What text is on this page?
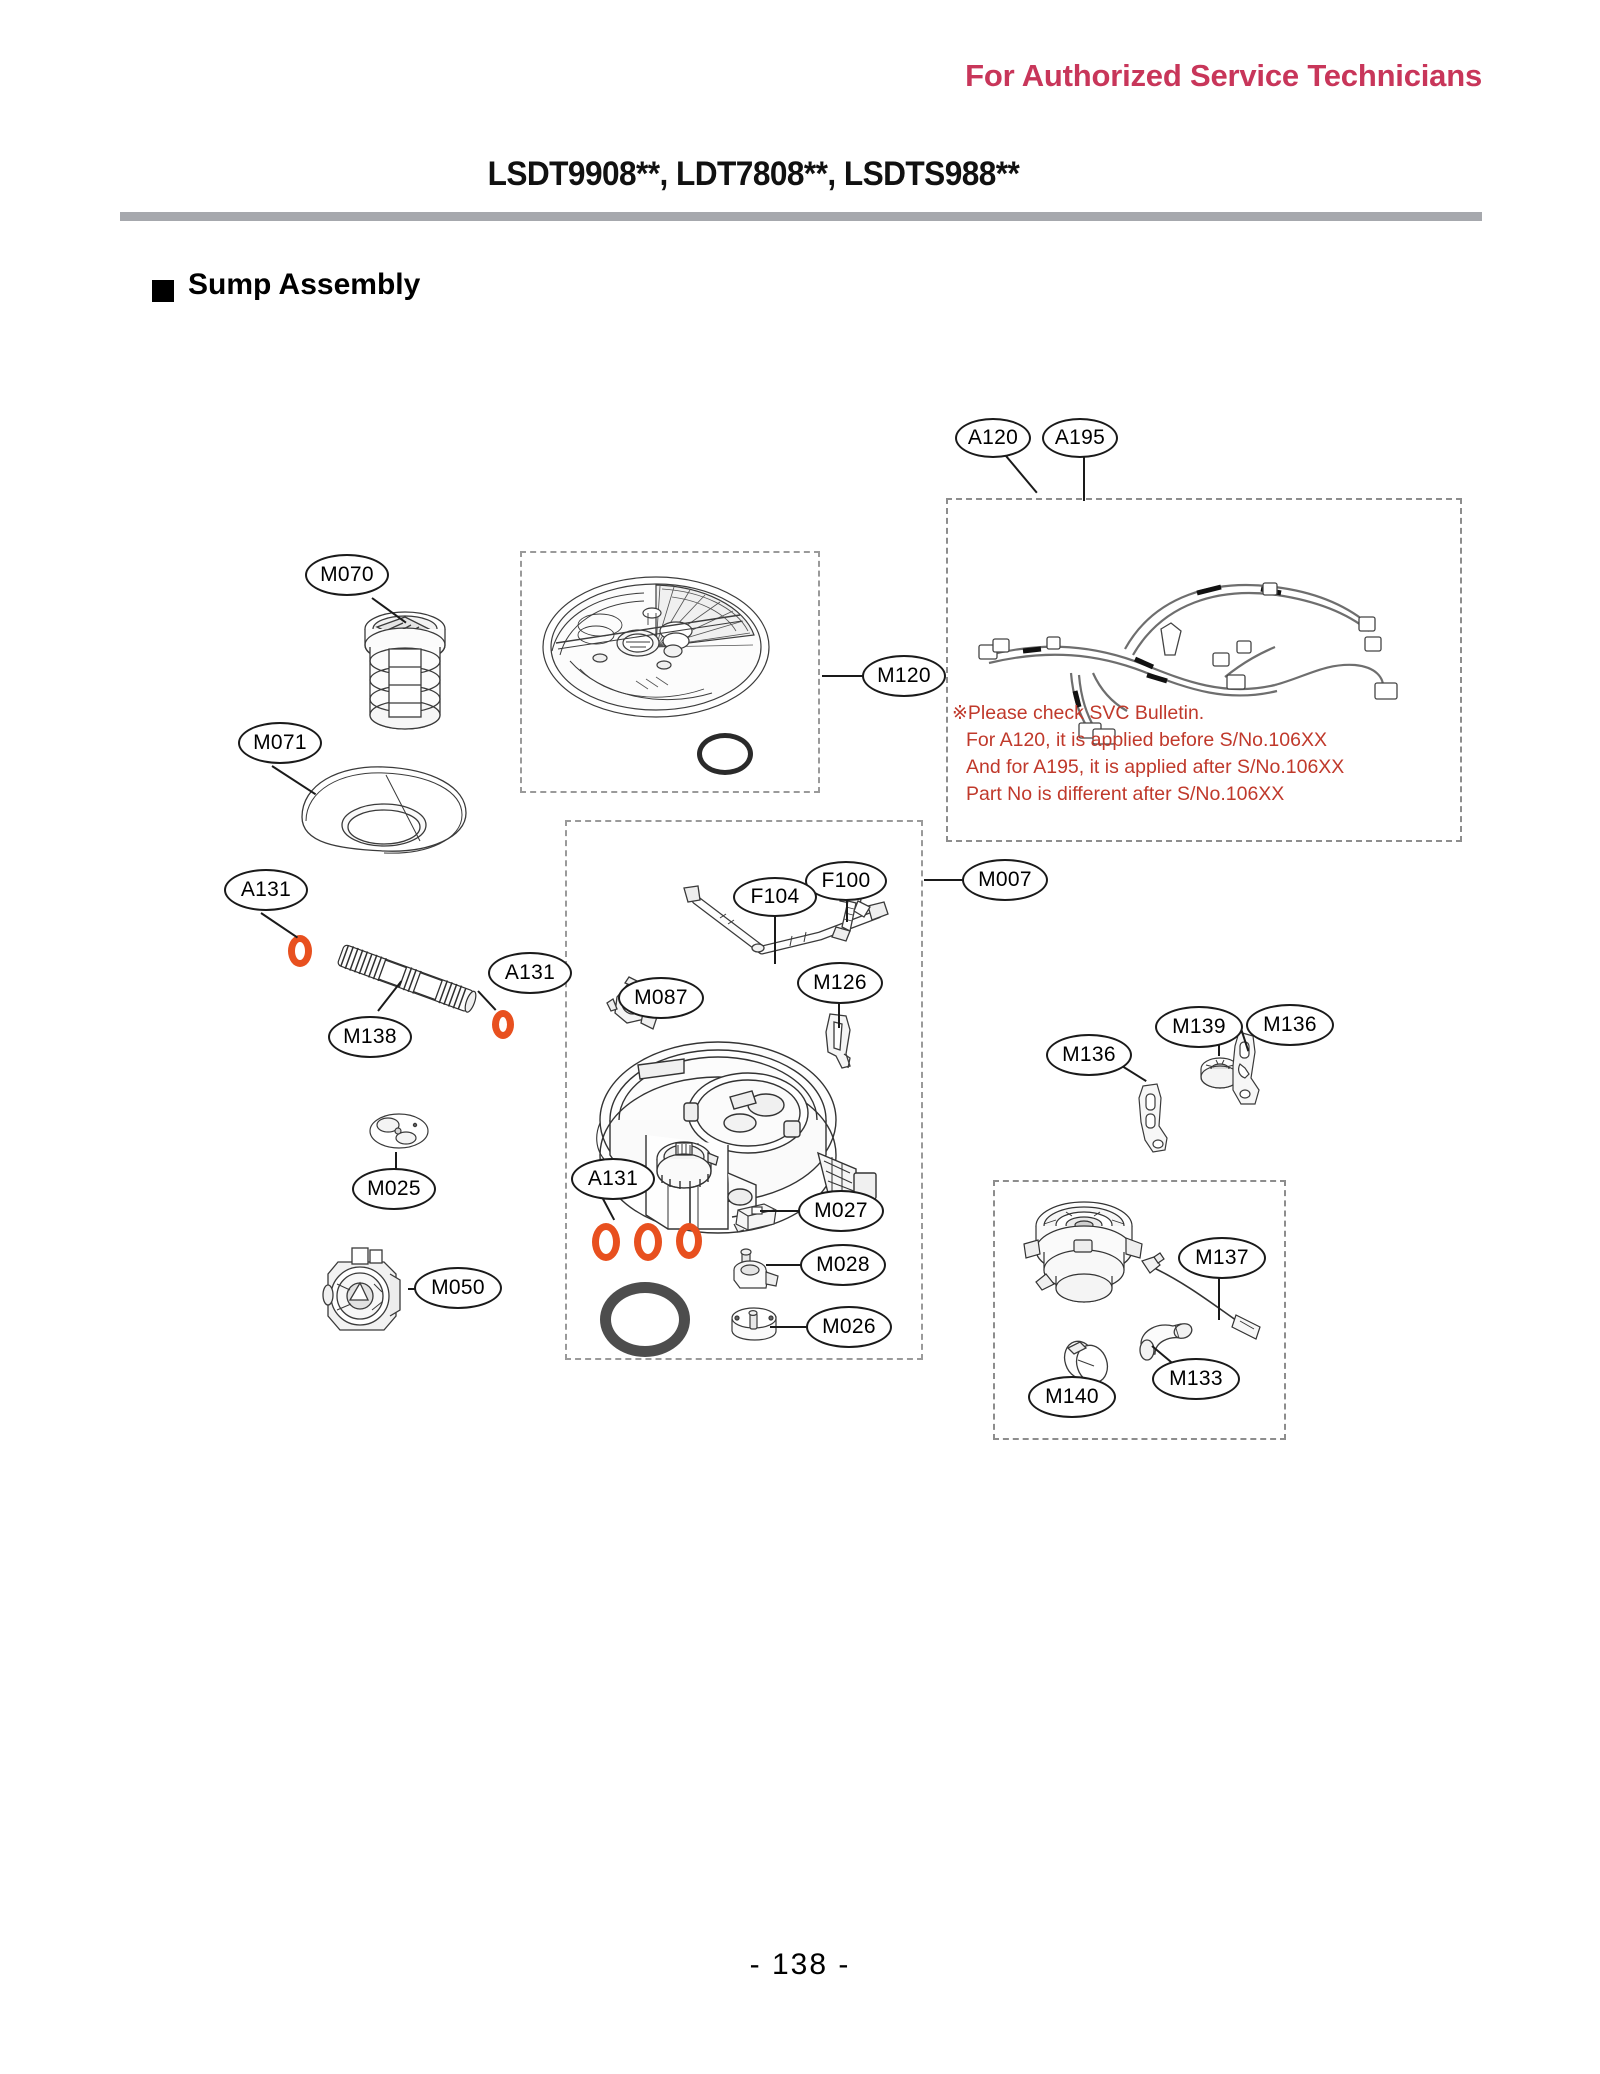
For Authorized Service Technicians
LSDT9908**, LDT7808**, LSDTS988**
Sump Assembly
※Please check SVC Bulletin.
For A120, it is applied before S/No.106XX
And for A195, it is applied after S/No.106XX
Part No is different after S/No.106XX
A120	A195
M070
M071
A131
M138
A131
M025
M050
M120
M007
F100
F104
M087
M126
A131
M027
M028
M026
M136
M139	M136
M137
M140
M133
- 138 -
